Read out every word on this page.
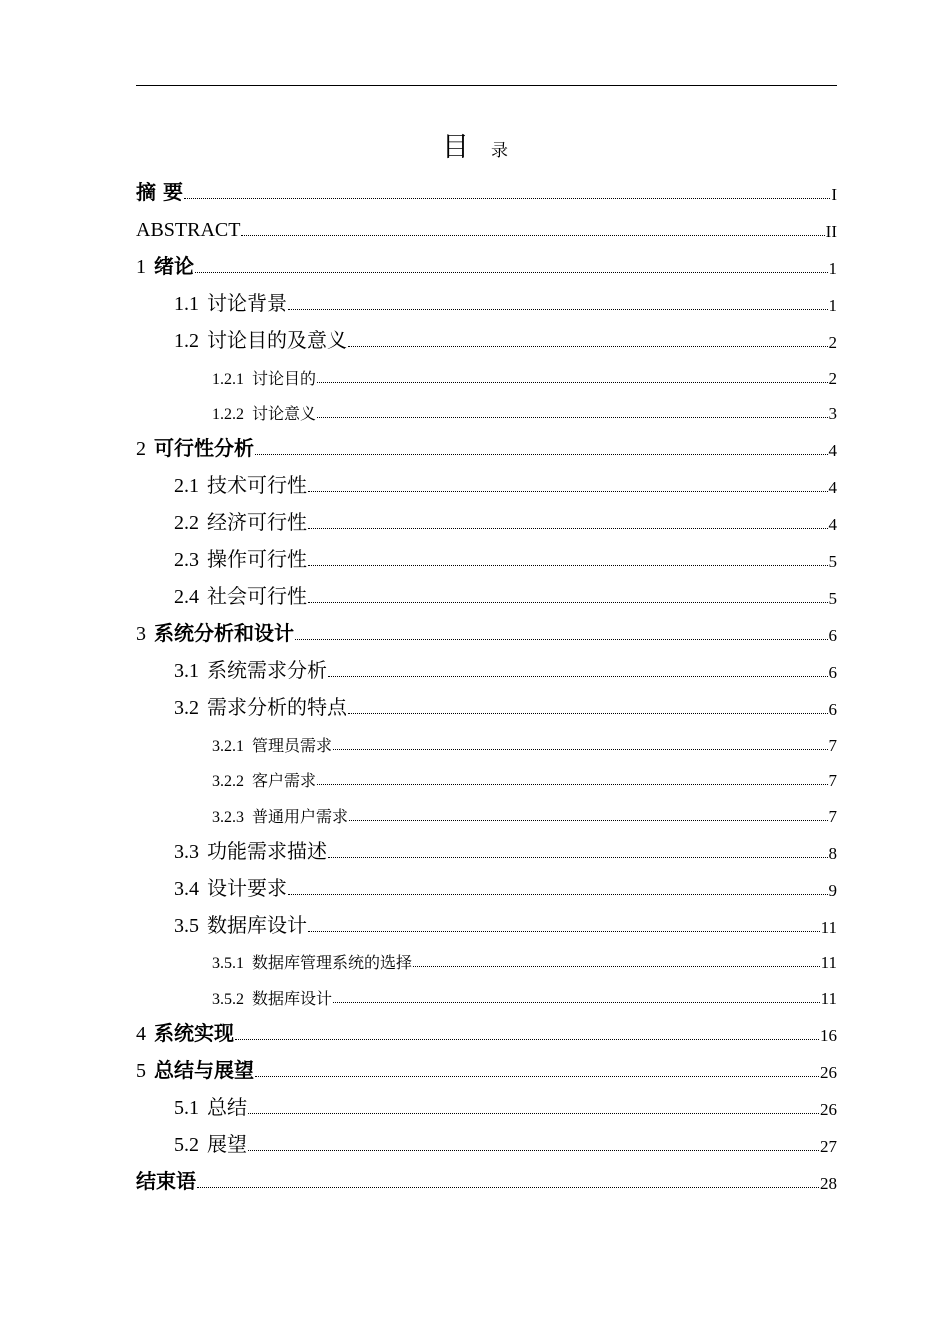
目 录
摘 要	I
ABSTRACT	II
1 绪论	1
1.1 讨论背景	1
1.2 讨论目的及意义	2
1.2.1 讨论目的	2
1.2.2 讨论意义	3
2 可行性分析	4
2.1 技术可行性	4
2.2 经济可行性	4
2.3 操作可行性	5
2.4 社会可行性	5
3 系统分析和设计	6
3.1 系统需求分析	6
3.2 需求分析的特点	6
3.2.1 管理员需求	7
3.2.2 客户需求	7
3.2.3 普通用户需求	7
3.3 功能需求描述	8
3.4 设计要求	9
3.5 数据库设计	11
3.5.1 数据库管理系统的选择	11
3.5.2 数据库设计	11
4 系统实现	16
5 总结与展望	26
5.1 总结	26
5.2 展望	27
结束语	28
